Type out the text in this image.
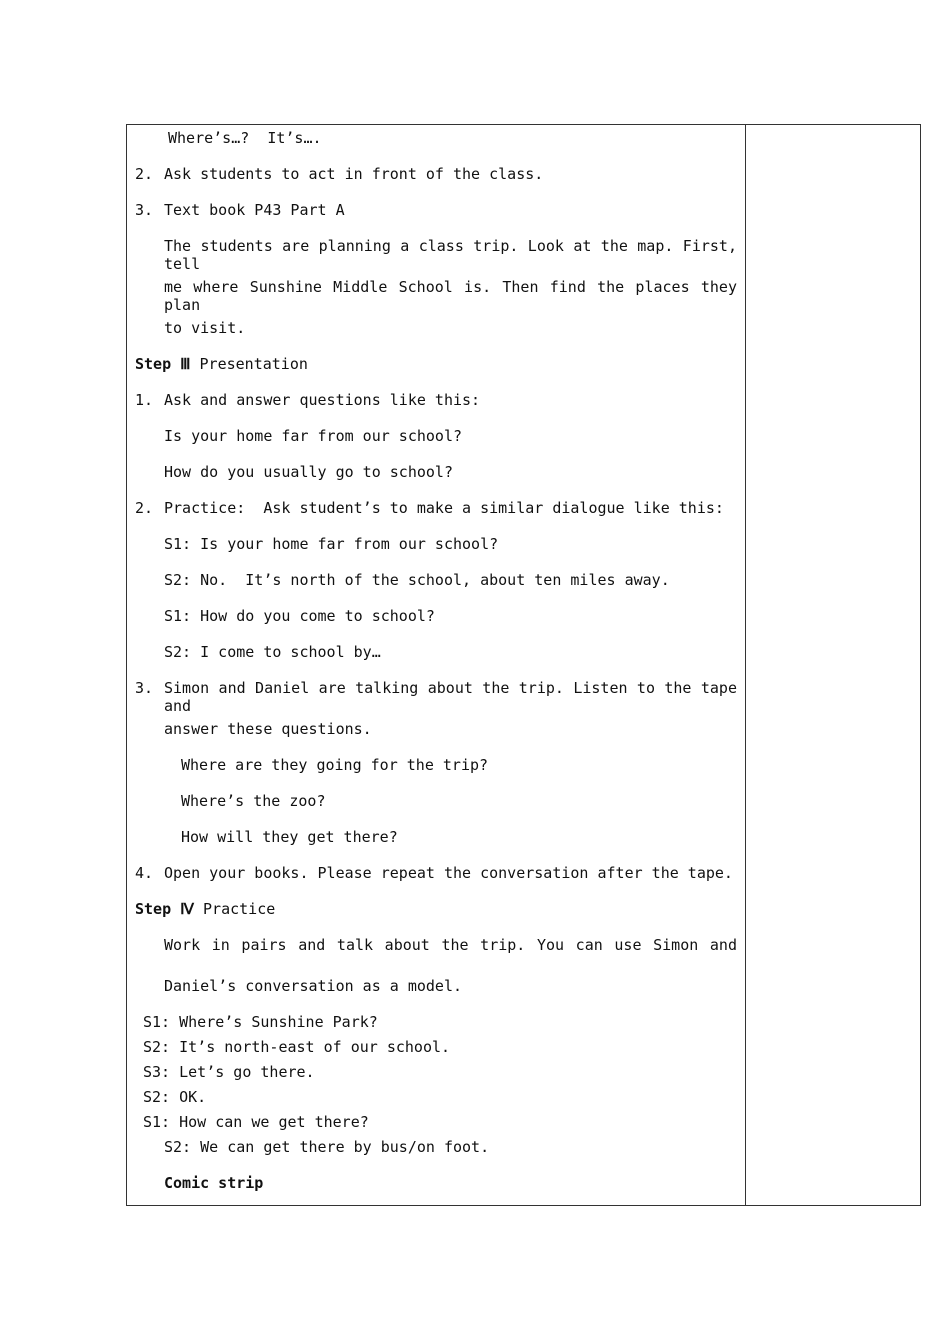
Where’s…?  It’s….
2. Ask students to act in front of the class.
3. Text book P43 Part A
The students are planning a class trip. Look at the map. First, tell
me where Sunshine Middle School is. Then find the places they plan
to visit.
Step Ⅲ Presentation
1. Ask and answer questions like this:
Is your home far from our school?
How do you usually go to school?
2. Practice:  Ask student’s to make a similar dialogue like this:
S1: Is your home far from our school?
S2: No.  It’s north of the school, about ten miles away.
S1: How do you come to school?
S2: I come to school by…
3. Simon and Daniel are talking about the trip. Listen to the tape and
answer these questions.
Where are they going for the trip?
Where’s the zoo?
How will they get there?
4. Open your books. Please repeat the conversation after the tape.
Step Ⅳ Practice
Work in pairs and talk about the trip. You can use Simon and
Daniel’s conversation as a model.
S1: Where’s Sunshine Park?
S2: It’s north-east of our school.
S3: Let’s go there.
S2: OK.
S1: How can we get there?
S2: We can get there by bus/on foot.
Comic strip
